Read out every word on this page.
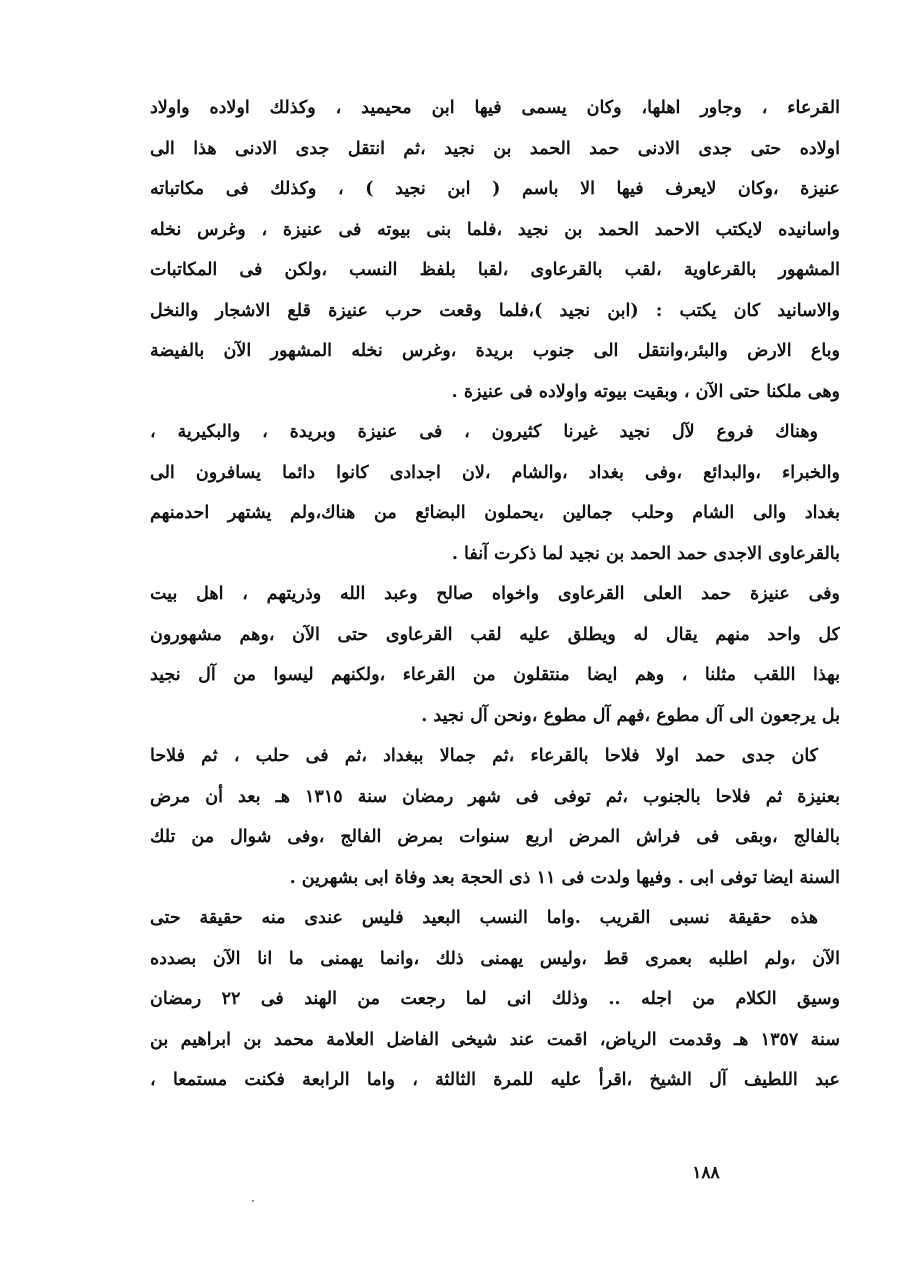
القرعاء ، وجاور اهلها، وكان يسمى فيها ابن محيميد ، وكذلك اولاده واولاد
اولاده حتى جدى الادنى حمد الحمد بن نجيد ،ثم انتقل جدى الادنى هذا الى
عنيزة ،وكان لايعرف فيها الا باسم ( ابن نجيد ) ، وكذلك فى مكاتباته
واسانيده لايكتب الاحمد الحمد بن نجيد ،فلما بنى بيوته فى عنيزة ، وغرس نخله
المشهور بالقرعاوية ،لقب بالقرعاوى ،لقبا بلفظ النسب ،ولكن فى المكاتبات
والاسانيد كان يكتب : (ابن نجيد )،فلما وقعت حرب عنيزة قلع الاشجار والنخل
وباع الارض والبئر،وانتقل الى جنوب بريدة ،وغرس نخله المشهور الآن بالفيضة
وهى ملكنا حتى الآن ، وبقيت بيوته واولاده فى عنيزة .
وهناك فروع لآل نجيد غيرنا كثيرون ، فى عنيزة وبريدة ، والبكيرية ،
والخبراء ،والبدائع ،وفى بغداد ،والشام ،لان اجدادى كانوا دائما يسافرون الى
بغداد والى الشام وحلب جمالين ،يحملون البضائع من هناك،ولم يشتهر احدمنهم
بالقرعاوى الاجدى حمد الحمد بن نجيد لما ذكرت آنفا .
وفى عنيزة حمد العلى القرعاوى واخواه صالح وعبد الله وذريتهم ، اهل بيت
كل واحد منهم يقال له ويطلق عليه لقب القرعاوى حتى الآن ،وهم مشهورون
بهذا اللقب مثلنا ، وهم ايضا منتقلون من القرعاء ،ولكنهم ليسوا من آل نجيد
بل يرجعون الى آل مطوع ،فهم آل مطوع ،ونحن آل نجيد .
كان جدى حمد اولا فلاحا بالقرعاء ،ثم جمالا ببغداد ،ثم فى حلب ، ثم فلاحا
بعنيزة ثم فلاحا بالجنوب ،ثم توفى فى شهر رمضان سنة ١٣١٥ هـ بعد أن مرض
بالفالج ،وبقى فى فراش المرض اربع سنوات بمرض الفالج ،وفى شوال من تلك
السنة ايضا توفى ابى . وفيها ولدت فى ١١ ذى الحجة بعد وفاة ابى بشهرين .
هذه حقيقة نسبى القريب .واما النسب البعيد فليس عندى منه حقيقة حتى
الآن ،ولم اطلبه بعمرى قط ،وليس يهمنى ذلك ،وانما يهمنى ما انا الآن بصدده
وسيق الكلام من اجله .. وذلك انى لما رجعت من الهند فى ٢٢ رمضان
سنة ١٣٥٧ هـ وقدمت الرياض، اقمت عند شيخى الفاضل العلامة محمد بن ابراهيم بن
عبد اللطيف آل الشيخ ،اقرأ عليه للمرة الثالثة ، واما الرابعة فكنت مستمعا ،
١٨٨
